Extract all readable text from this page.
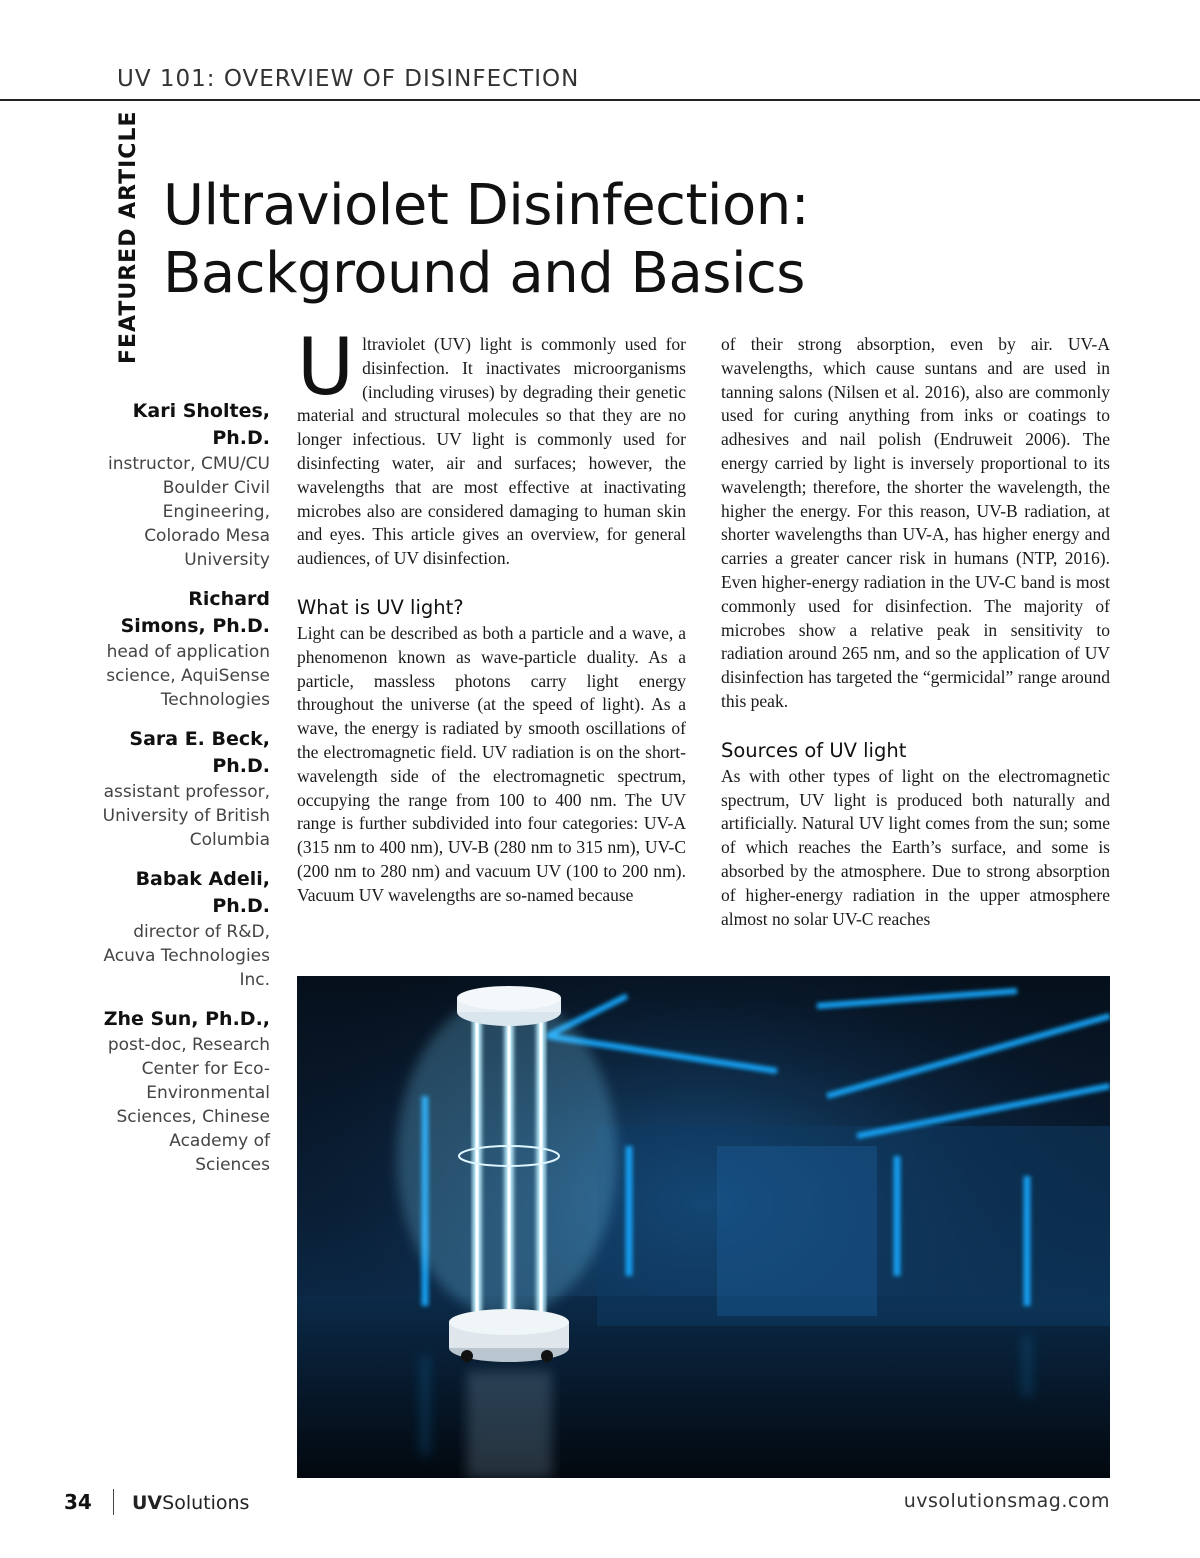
UV 101: OVERVIEW OF DISINFECTION
FEATURED ARTICLE Ultraviolet Disinfection:
Background and Basics
Kari Sholtes, Ph.D.
instructor, CMU/CU Boulder Civil Engineering, Colorado Mesa University
Richard Simons, Ph.D.
head of application science, AquiSense Technologies
Sara E. Beck, Ph.D.
assistant professor, University of British Columbia
Babak Adeli, Ph.D.
director of R&D, Acuva Technologies Inc.
Zhe Sun, Ph.D.,
post-doc, Research Center for Eco-Environmental Sciences, Chinese Academy of Sciences

Ultraviolet (UV) light is commonly used for disinfection. It inactivates microorganisms (including viruses) by degrading their genetic material and structural molecules so that they are no longer infectious. UV light is commonly used for disinfecting water, air and surfaces; however, the wavelengths that are most effective at inactivating microbes also are considered damaging to human skin and eyes. This article gives an overview, for general audiences, of UV disinfection.

What is UV light?

Light can be described as both a particle and a wave, a phenomenon known as wave-particle duality. As a particle, massless photons carry light energy throughout the universe (at the speed of light). As a wave, the energy is radiated by smooth oscillations of the electromagnetic field. UV radiation is on the short-wavelength side of the electromagnetic spectrum, occupying the range from 100 to 400 nm. The UV range is further subdivided into four categories: UV-A (315 nm to 400 nm), UV-B (280 nm to 315 nm), UV-C (200 nm to 280 nm) and vacuum UV (100 to 200 nm). Vacuum UV wavelengths are so-named because

of their strong absorption, even by air. UV-A wavelengths, which cause suntans and are used in tanning salons (Nilsen et al. 2016), also are commonly used for curing anything from inks or coatings to adhesives and nail polish (Endruweit 2006). The energy carried by light is inversely proportional to its wavelength; therefore, the shorter the wavelength, the higher the energy. For this reason, UV-B radiation, at shorter wavelengths than UV-A, has higher energy and carries a greater cancer risk in humans (NTP, 2016). Even higher-energy radiation in the UV-C band is most commonly used for disinfection. The majority of microbes show a relative peak in sensitivity to radiation around 265 nm, and so the application of UV disinfection has targeted the “germicidal” range around this peak.

Sources of UV light

As with other types of light on the electromagnetic spectrum, UV light is produced both naturally and artificially. Natural UV light comes from the sun; some of which reaches the Earth’s surface, and some is absorbed by the atmosphere. Due to strong absorption of higher-energy radiation in the upper atmosphere almost no solar UV-C reaches

34 UVSolutions	uvsolutionsmag.com
